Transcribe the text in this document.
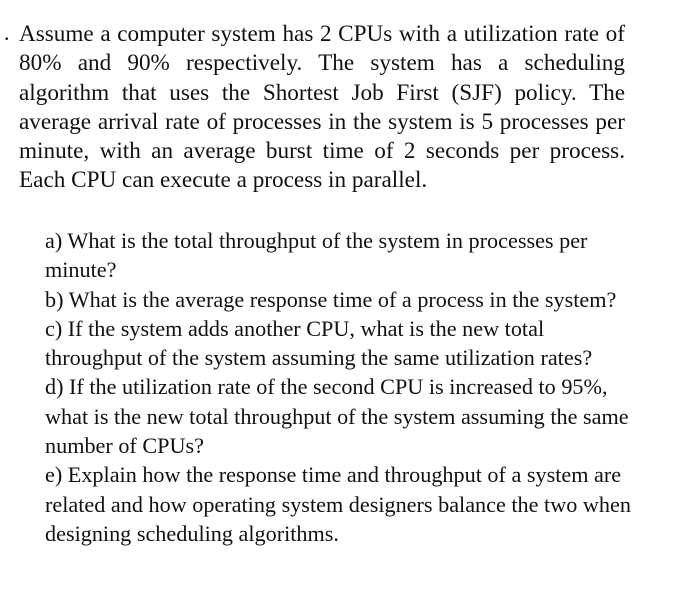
. Assume a computer system has 2 CPUs with a utilization rate of 80% and 90% respectively. The system has a scheduling algorithm that uses the Shortest Job First (SJF) policy. The average arrival rate of processes in the system is 5 processes per minute, with an average burst time of 2 seconds per process. Each CPU can execute a process in parallel.

a) What is the total throughput of the system in processes per minute?
b) What is the average response time of a process in the system?
c) If the system adds another CPU, what is the new total throughput of the system assuming the same utilization rates?
d) If the utilization rate of the second CPU is increased to 95%, what is the new total throughput of the system assuming the same number of CPUs?
e) Explain how the response time and throughput of a system are related and how operating system designers balance the two when designing scheduling algorithms.
